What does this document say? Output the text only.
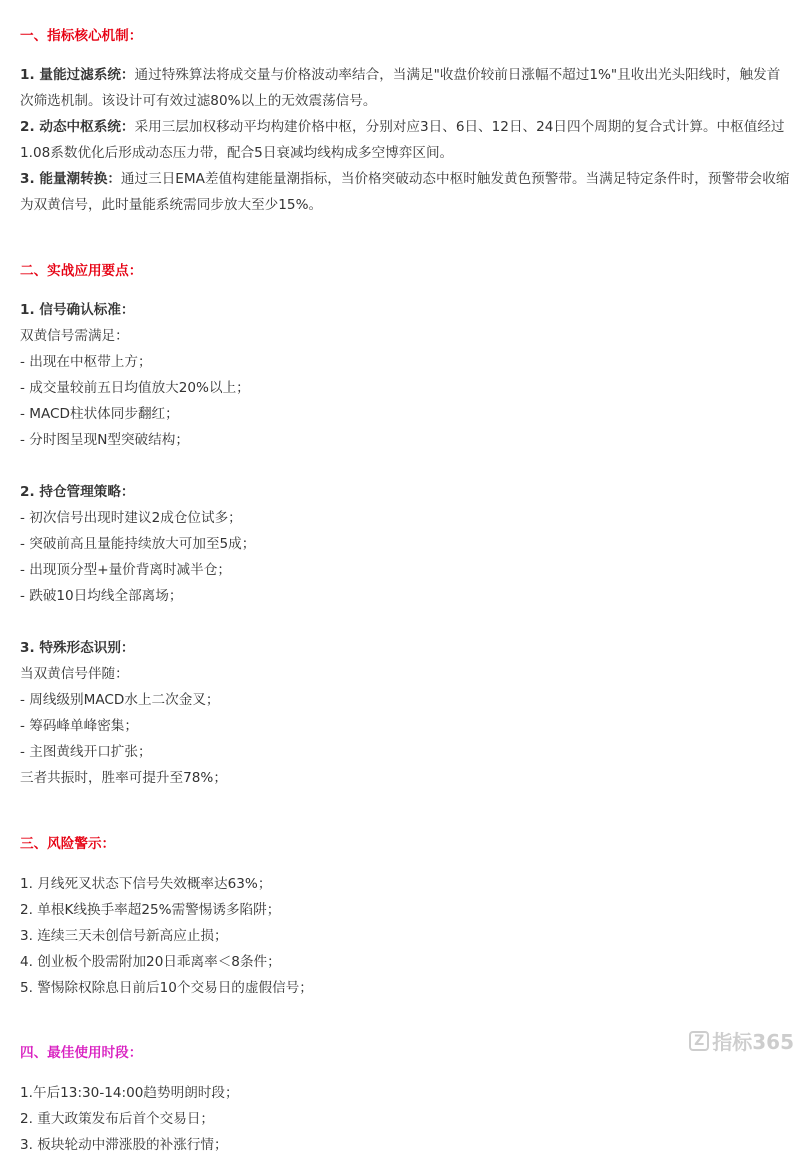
一、指标核心机制：

1. 量能过滤系统：通过特殊算法将成交量与价格波动率结合，当满足"收盘价较前日涨幅不超过1%"且收出光头阳线时，触发首次筛选机制。该设计可有效过滤80%以上的无效震荡信号。

2. 动态中枢系统：采用三层加权移动平均构建价格中枢，分别对应3日、6日、12日、24日四个周期的复合式计算。中枢值经过1.08系数优化后形成动态压力带，配合5日衰减均线构成多空博弈区间。

3. 能量潮转换：通过三日EMA差值构建能量潮指标，当价格突破动态中枢时触发黄色预警带。当满足特定条件时，预警带会收缩为双黄信号，此时量能系统需同步放大至少15%。

二、实战应用要点：

1. 信号确认标准：

双黄信号需满足：

- 出现在中枢带上方；

- 成交量较前五日均值放大20%以上；

- MACD柱状体同步翻红；

- 分时图呈现N型突破结构；

2. 持仓管理策略：

- 初次信号出现时建议2成仓位试多；

- 突破前高且量能持续放大可加至5成；

- 出现顶分型+量价背离时减半仓；

- 跌破10日均线全部离场；

3. 特殊形态识别：

当双黄信号伴随：

- 周线级别MACD水上二次金叉；

- 筹码峰单峰密集；

- 主图黄线开口扩张；

三者共振时，胜率可提升至78%；

三、风险警示：

1. 月线死叉状态下信号失效概率达63%；

2. 单根K线换手率超25%需警惕诱多陷阱；

3. 连续三天未创信号新高应止损；

4. 创业板个股需附加20日乖离率＜8条件；

5. 警惕除权除息日前后10个交易日的虚假信号；

四、最佳使用时段：

1.午后13:30-14:00趋势明朗时段；

2. 重大政策发布后首个交易日；

3. 板块轮动中滞涨股的补涨行情；

Z 指标365
